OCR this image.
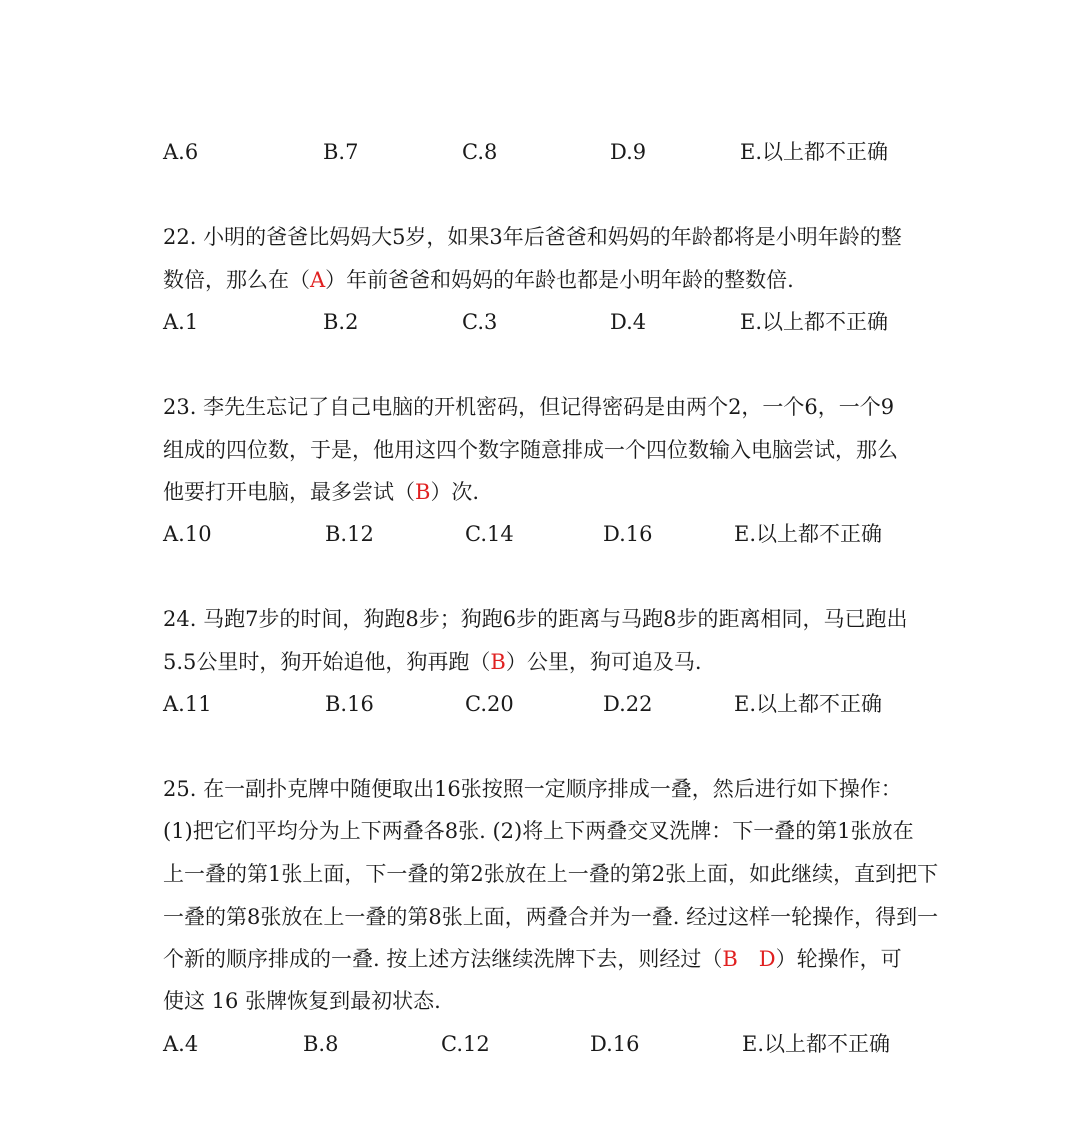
A.6	B.7	C.8	D.9	E.以上都不正确
22. 小明的爸爸比妈妈大5岁，如果3年后爸爸和妈妈的年龄都将是小明年龄的整
数倍，那么在（A）年前爸爸和妈妈的年龄也都是小明年龄的整数倍.
A.1	B.2	C.3	D.4	E.以上都不正确
23. 李先生忘记了自己电脑的开机密码，但记得密码是由两个2，一个6，一个9
组成的四位数，于是，他用这四个数字随意排成一个四位数输入电脑尝试，那么
他要打开电脑，最多尝试（B）次.
A.10	B.12	C.14	D.16	E.以上都不正确
24. 马跑7步的时间，狗跑8步；狗跑6步的距离与马跑8步的距离相同，马已跑出
5.5公里时，狗开始追他，狗再跑（B）公里，狗可追及马.
A.11	B.16	C.20	D.22	E.以上都不正确
25. 在一副扑克牌中随便取出16张按照一定顺序排成一叠，然后进行如下操作：
(1)把它们平均分为上下两叠各8张. (2)将上下两叠交叉洗牌：下一叠的第1张放在
上一叠的第1张上面，下一叠的第2张放在上一叠的第2张上面，如此继续，直到把下
一叠的第8张放在上一叠的第8张上面，两叠合并为一叠. 经过这样一轮操作，得到一
个新的顺序排成的一叠. 按上述方法继续洗牌下去，则经过（B　D）轮操作，可
使这 16 张牌恢复到最初状态.
A.4	B.8	C.12	D.16	E.以上都不正确
